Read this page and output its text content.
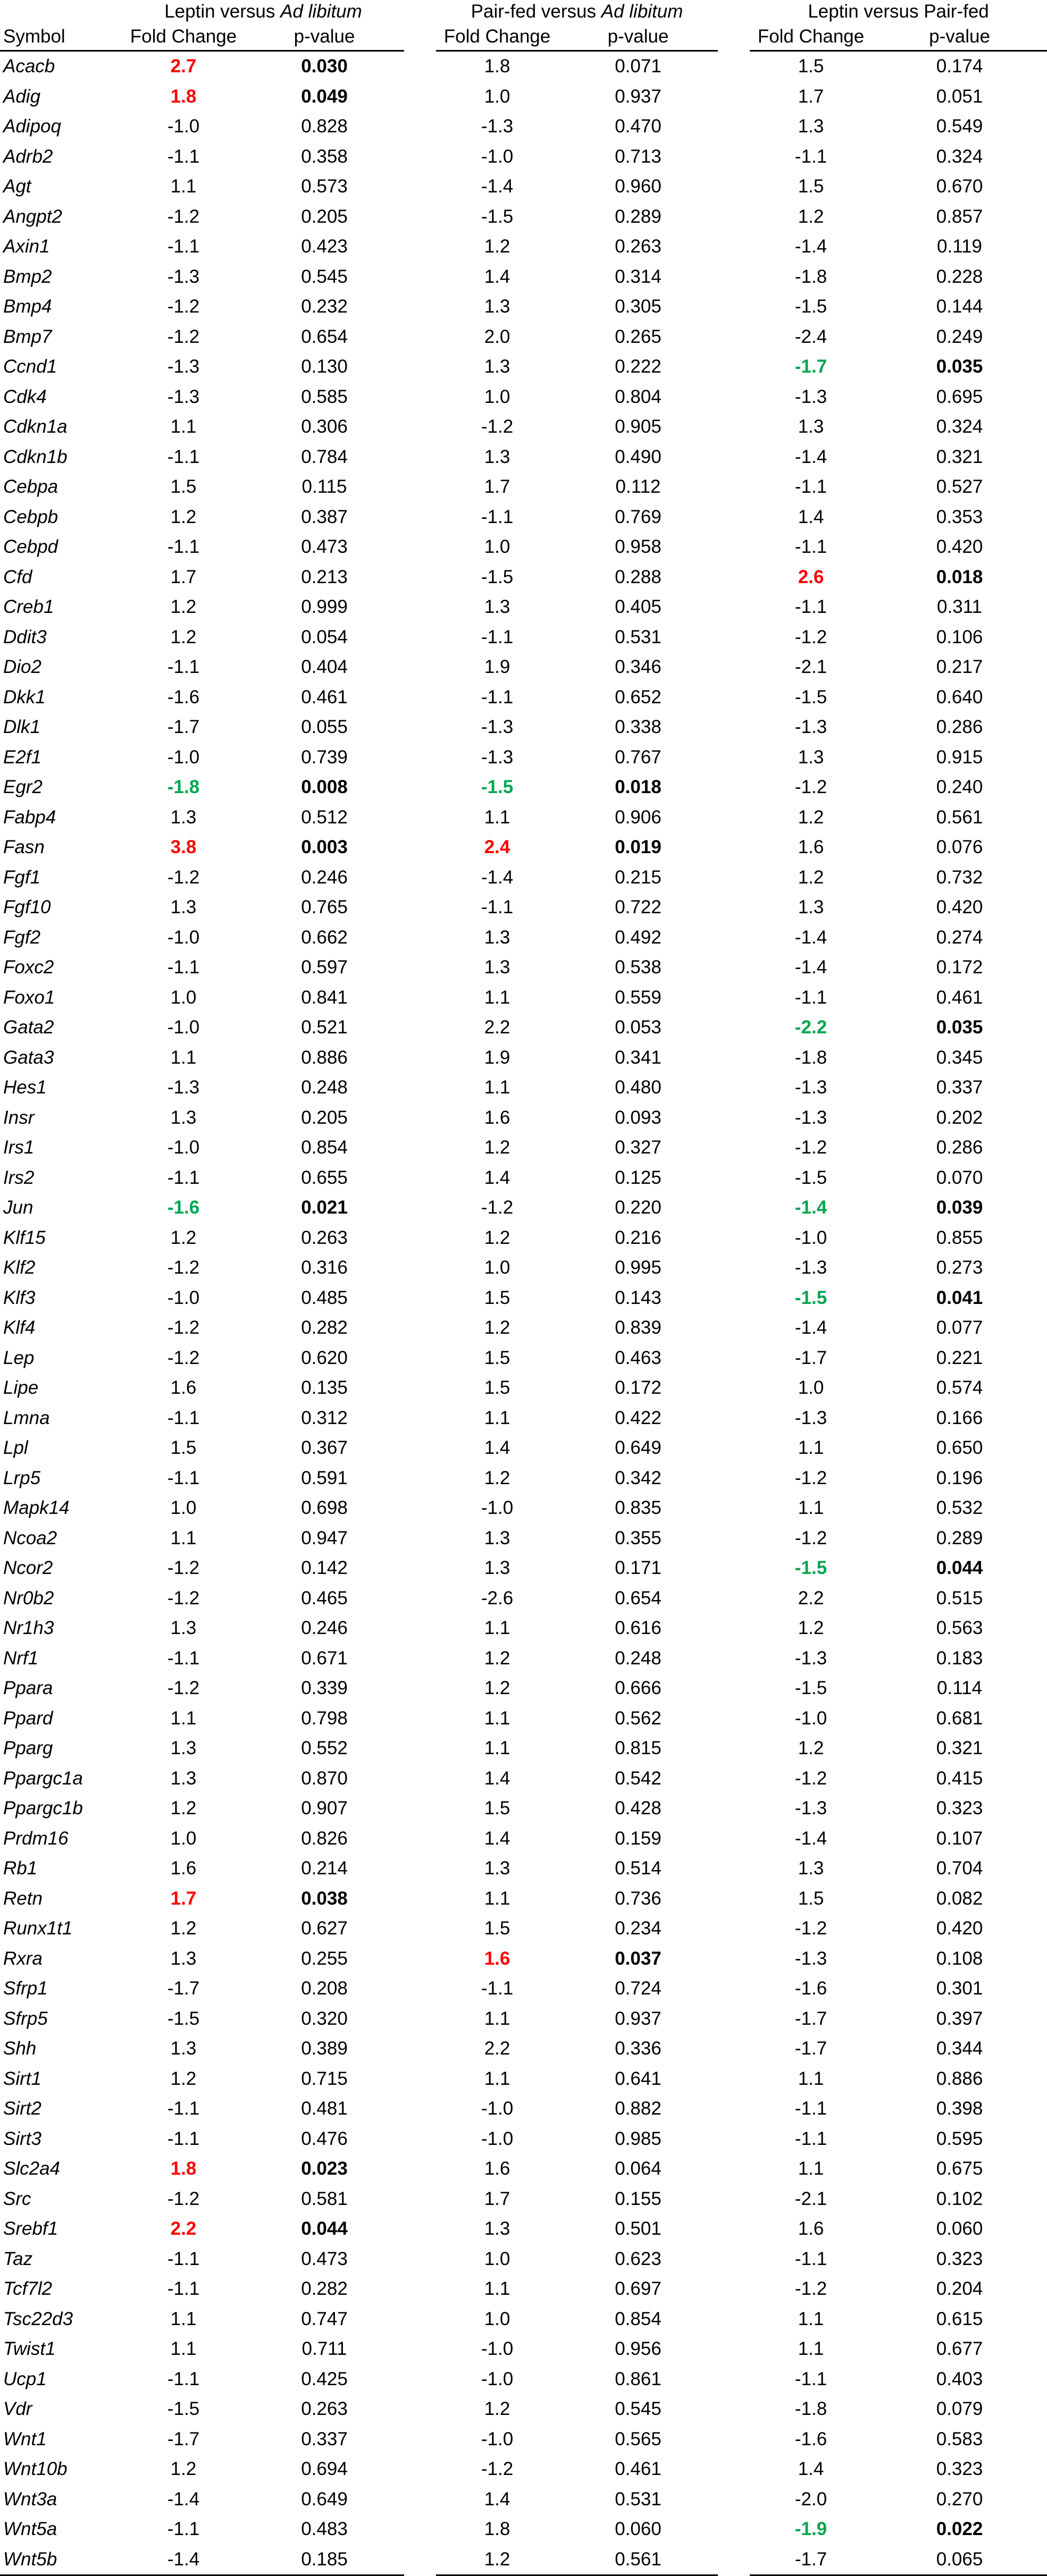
	Leptin versus Ad libitum			Pair-fed versus Ad libitum			Leptin versus Pair-fed	
Symbol	Fold Change	p-value		Fold Change	p-value		Fold Change	p-value
Acacb	2.7	0.030		1.8	0.071		1.5	0.174
Adig	1.8	0.049		1.0	0.937		1.7	0.051
Adipoq	-1.0	0.828		-1.3	0.470		1.3	0.549
Adrb2	-1.1	0.358		-1.0	0.713		-1.1	0.324
Agt	1.1	0.573		-1.4	0.960		1.5	0.670
Angpt2	-1.2	0.205		-1.5	0.289		1.2	0.857
Axin1	-1.1	0.423		1.2	0.263		-1.4	0.119
Bmp2	-1.3	0.545		1.4	0.314		-1.8	0.228
Bmp4	-1.2	0.232		1.3	0.305		-1.5	0.144
Bmp7	-1.2	0.654		2.0	0.265		-2.4	0.249
Ccnd1	-1.3	0.130		1.3	0.222		-1.7	0.035
Cdk4	-1.3	0.585		1.0	0.804		-1.3	0.695
Cdkn1a	1.1	0.306		-1.2	0.905		1.3	0.324
Cdkn1b	-1.1	0.784		1.3	0.490		-1.4	0.321
Cebpa	1.5	0.115		1.7	0.112		-1.1	0.527
Cebpb	1.2	0.387		-1.1	0.769		1.4	0.353
Cebpd	-1.1	0.473		1.0	0.958		-1.1	0.420
Cfd	1.7	0.213		-1.5	0.288		2.6	0.018
Creb1	1.2	0.999		1.3	0.405		-1.1	0.311
Ddit3	1.2	0.054		-1.1	0.531		-1.2	0.106
Dio2	-1.1	0.404		1.9	0.346		-2.1	0.217
Dkk1	-1.6	0.461		-1.1	0.652		-1.5	0.640
Dlk1	-1.7	0.055		-1.3	0.338		-1.3	0.286
E2f1	-1.0	0.739		-1.3	0.767		1.3	0.915
Egr2	-1.8	0.008		-1.5	0.018		-1.2	0.240
Fabp4	1.3	0.512		1.1	0.906		1.2	0.561
Fasn	3.8	0.003		2.4	0.019		1.6	0.076
Fgf1	-1.2	0.246		-1.4	0.215		1.2	0.732
Fgf10	1.3	0.765		-1.1	0.722		1.3	0.420
Fgf2	-1.0	0.662		1.3	0.492		-1.4	0.274
Foxc2	-1.1	0.597		1.3	0.538		-1.4	0.172
Foxo1	1.0	0.841		1.1	0.559		-1.1	0.461
Gata2	-1.0	0.521		2.2	0.053		-2.2	0.035
Gata3	1.1	0.886		1.9	0.341		-1.8	0.345
Hes1	-1.3	0.248		1.1	0.480		-1.3	0.337
Insr	1.3	0.205		1.6	0.093		-1.3	0.202
Irs1	-1.0	0.854		1.2	0.327		-1.2	0.286
Irs2	-1.1	0.655		1.4	0.125		-1.5	0.070
Jun	-1.6	0.021		-1.2	0.220		-1.4	0.039
Klf15	1.2	0.263		1.2	0.216		-1.0	0.855
Klf2	-1.2	0.316		1.0	0.995		-1.3	0.273
Klf3	-1.0	0.485		1.5	0.143		-1.5	0.041
Klf4	-1.2	0.282		1.2	0.839		-1.4	0.077
Lep	-1.2	0.620		1.5	0.463		-1.7	0.221
Lipe	1.6	0.135		1.5	0.172		1.0	0.574
Lmna	-1.1	0.312		1.1	0.422		-1.3	0.166
Lpl	1.5	0.367		1.4	0.649		1.1	0.650
Lrp5	-1.1	0.591		1.2	0.342		-1.2	0.196
Mapk14	1.0	0.698		-1.0	0.835		1.1	0.532
Ncoa2	1.1	0.947		1.3	0.355		-1.2	0.289
Ncor2	-1.2	0.142		1.3	0.171		-1.5	0.044
Nr0b2	-1.2	0.465		-2.6	0.654		2.2	0.515
Nr1h3	1.3	0.246		1.1	0.616		1.2	0.563
Nrf1	-1.1	0.671		1.2	0.248		-1.3	0.183
Ppara	-1.2	0.339		1.2	0.666		-1.5	0.114
Ppard	1.1	0.798		1.1	0.562		-1.0	0.681
Pparg	1.3	0.552		1.1	0.815		1.2	0.321
Ppargc1a	1.3	0.870		1.4	0.542		-1.2	0.415
Ppargc1b	1.2	0.907		1.5	0.428		-1.3	0.323
Prdm16	1.0	0.826		1.4	0.159		-1.4	0.107
Rb1	1.6	0.214		1.3	0.514		1.3	0.704
Retn	1.7	0.038		1.1	0.736		1.5	0.082
Runx1t1	1.2	0.627		1.5	0.234		-1.2	0.420
Rxra	1.3	0.255		1.6	0.037		-1.3	0.108
Sfrp1	-1.7	0.208		-1.1	0.724		-1.6	0.301
Sfrp5	-1.5	0.320		1.1	0.937		-1.7	0.397
Shh	1.3	0.389		2.2	0.336		-1.7	0.344
Sirt1	1.2	0.715		1.1	0.641		1.1	0.886
Sirt2	-1.1	0.481		-1.0	0.882		-1.1	0.398
Sirt3	-1.1	0.476		-1.0	0.985		-1.1	0.595
Slc2a4	1.8	0.023		1.6	0.064		1.1	0.675
Src	-1.2	0.581		1.7	0.155		-2.1	0.102
Srebf1	2.2	0.044		1.3	0.501		1.6	0.060
Taz	-1.1	0.473		1.0	0.623		-1.1	0.323
Tcf7l2	-1.1	0.282		1.1	0.697		-1.2	0.204
Tsc22d3	1.1	0.747		1.0	0.854		1.1	0.615
Twist1	1.1	0.711		-1.0	0.956		1.1	0.677
Ucp1	-1.1	0.425		-1.0	0.861		-1.1	0.403
Vdr	-1.5	0.263		1.2	0.545		-1.8	0.079
Wnt1	-1.7	0.337		-1.0	0.565		-1.6	0.583
Wnt10b	1.2	0.694		-1.2	0.461		1.4	0.323
Wnt3a	-1.4	0.649		1.4	0.531		-2.0	0.270
Wnt5a	-1.1	0.483		1.8	0.060		-1.9	0.022
Wnt5b	-1.4	0.185		1.2	0.561		-1.7	0.065
